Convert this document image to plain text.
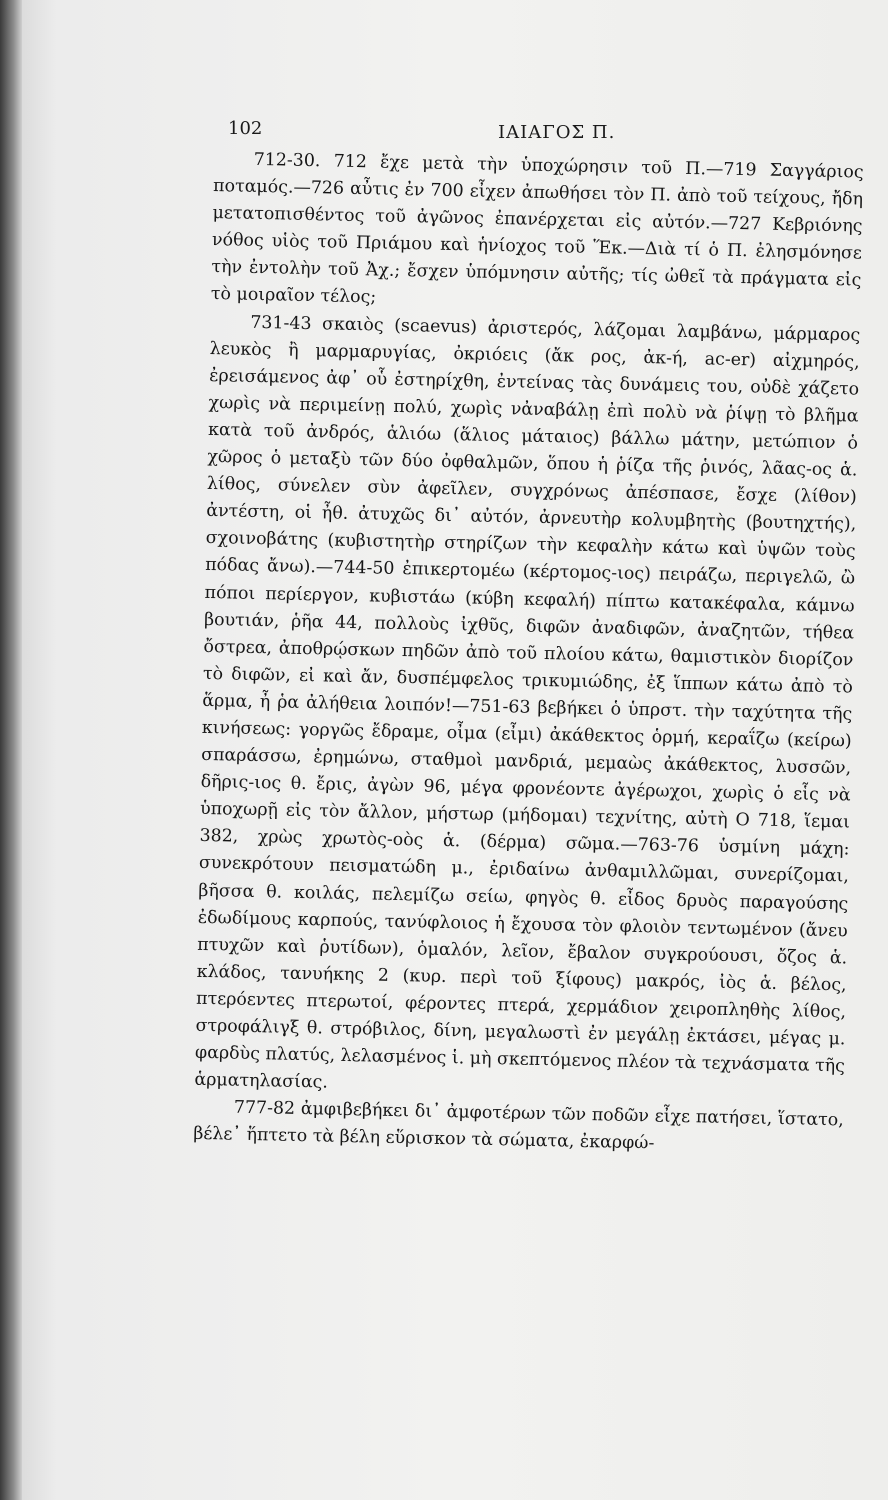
102	ΙΑΙΑΓΟΣ Π.

712-30. 712 ἔχε μετὰ τὴν ὑποχώρησιν τοῦ Π.—719 Σαγγάριος ποταμός.—726 αὖτις ἐν 700 εἶχεν ἀπωθήσει τὸν Π. ἀπὸ τοῦ τείχους, ἤδη μετατοπισθέντος τοῦ ἀγῶνος ἐπανέρχεται εἰς αὐτόν.—727 Κεβριόνης νόθος υἱὸς τοῦ Πριάμου καὶ ἡνίοχος τοῦ Ἕκ.—Διὰ τί ὁ Π. ἐλησμόνησε τὴν ἐντολὴν τοῦ Ἀχ.; ἔσχεν ὑπόμνησιν αὐτῆς; τίς ὠθεῖ τὰ πράγματα εἰς τὸ μοιραῖον τέλος;

731-43 σκαιὸς (scaevus) ἀριστερός, λάζομαι λαμβάνω, μάρμαρος λευκὸς ἢ μαρμαρυγίας, ὀκριόεις (ἄκ ρος, ἀκ-ή, ac-er) αἰχμηρός, ἐρεισάμενος ἀφ᾽ οὗ ἐστηρίχθη, ἐντείνας τὰς δυνάμεις του, οὐδὲ χάζετο χωρὶς νὰ περιμείνῃ πολύ, χωρὶς νἀναβάλῃ ἐπὶ πολὺ νὰ ῥίψῃ τὸ βλῆμα κατὰ τοῦ ἀνδρός, ἁλιόω (ἅλιος μάταιος) βάλλω μάτην, μετώπιον ὁ χῶρος ὁ μεταξὺ τῶν δύο ὀφθαλμῶν, ὅπου ἡ ῥίζα τῆς ῥινός, λᾶας-ος ἁ. λίθος, σύνελεν σὺν ἀφεῖλεν, συγχρόνως ἀπέσπασε, ἔσχε (λίθον) ἀντέστη, οἱ ἦθ. ἀτυχῶς δι᾽ αὐτόν, ἀρνευτὴρ κολυμβητὴς (βουτηχτής), σχοινοβάτης (κυβιστητὴρ στηρίζων τὴν κεφαλὴν κάτω καὶ ὑψῶν τοὺς πόδας ἄνω).—744-50 ἐπικερτομέω (κέρτομος-ιος) πειράζω, περιγελῶ, ὢ πόποι περίεργον, κυβιστάω (κύβη κεφαλή) πίπτω κατακέφαλα, κάμνω βουτιάν, ῥῆα 44, πολλοὺς ἰχθῦς, διφῶν ἀναδιφῶν, ἀναζητῶν, τήθεα ὄστρεα, ἀποθρῴσκων πηδῶν ἀπὸ τοῦ πλοίου κάτω, θαμιστικὸν διορίζον τὸ διφῶν, εἰ καὶ ἄν, δυσπέμφελος τρικυμιώδης, ἐξ ἵππων κάτω ἀπὸ τὸ ἅρμα, ἦ ῥα ἀλήθεια λοιπόν!—751-63 βεβήκει ὁ ὑπρστ. τὴν ταχύτητα τῆς κινήσεως: γοργῶς ἔδραμε, οἶμα (εἶμι) ἀκάθεκτος ὁρμή, κεραΐζω (κείρω) σπαράσσω, ἐρημώνω, σταθμοὶ μανδριά, μεμαὼς ἀκάθεκτος, λυσσῶν, δῆρις-ιος θ. ἔρις, ἀγὼν 96, μέγα φρονέοντε ἀγέρωχοι, χωρὶς ὁ εἷς νὰ ὑποχωρῇ εἰς τὸν ἄλλον, μήστωρ (μήδομαι) τεχνίτης, αὐτὴ Ο 718, ἵεμαι 382, χρὼς χρωτὸς-οὸς ἁ. (δέρμα) σῶμα.—763-76 ὑσμίνη μάχη: συνεκρότουν πεισματώδη μ., ἐριδαίνω ἀνθαμιλλῶμαι, συνερίζομαι, βῆσσα θ. κοιλάς, πελεμίζω σείω, φηγὸς θ. εἶδος δρυὸς παραγούσης ἐδωδίμους καρπούς, τανύφλοιος ἡ ἔχουσα τὸν φλοιὸν τεντωμένον (ἄνευ πτυχῶν καὶ ῥυτίδων), ὁμαλόν, λεῖον, ἔβαλον συγκρούουσι, ὄζος ἁ. κλάδος, τανυήκης 2 (κυρ. περὶ τοῦ ξίφους) μακρός, ἰὸς ἁ. βέλος, πτερόεντες πτερωτοί, φέροντες πτερά, χερμάδιον χειροπληθὴς λίθος, στροφάλιγξ θ. στρόβιλος, δίνη, μεγαλωστὶ ἐν μεγάλῃ ἐκτάσει, μέγας μ. φαρδὺς πλατύς, λελασμένος ἱ. μὴ σκεπτόμενος πλέον τὰ τεχνάσματα τῆς ἁρματηλασίας.

777-82 ἀμφιβεβήκει δι᾽ ἀμφοτέρων τῶν ποδῶν εἶχε πατήσει, ἵστατο, βέλε᾽ ἥπτετο τὰ βέλη εὕρισκον τὰ σώματα, ἐκαρφώ-
